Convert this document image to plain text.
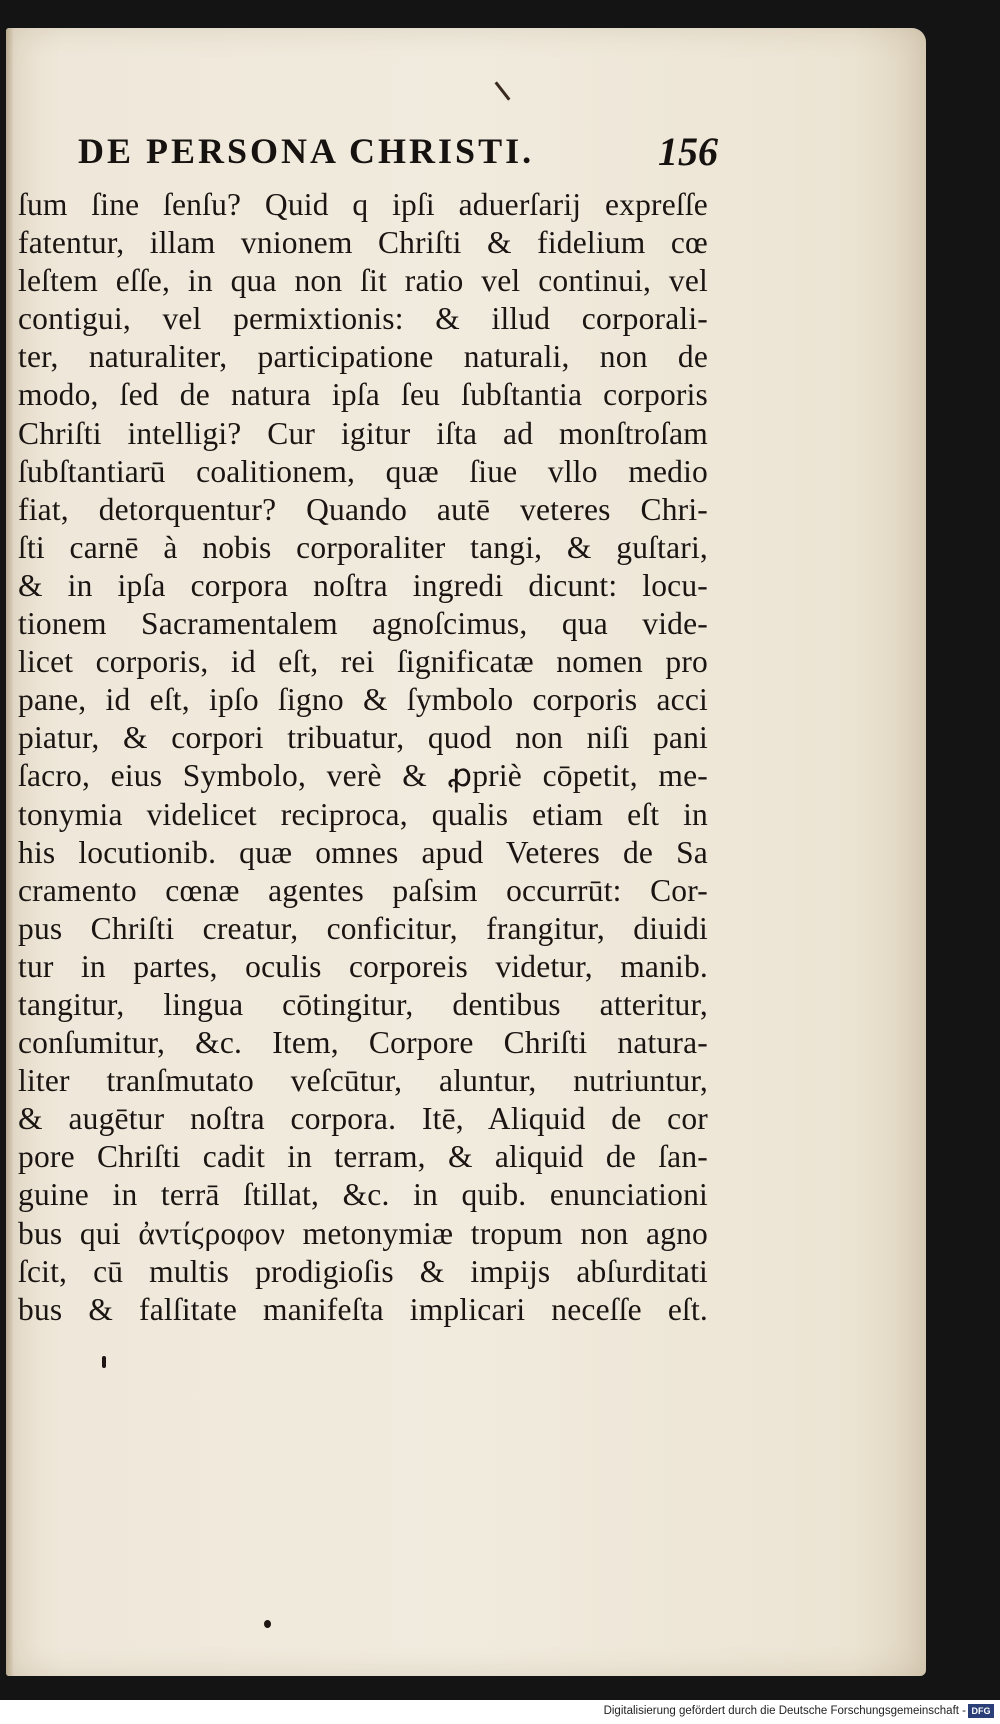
DE PERSONA CHRISTI.	156
ſum ſine ſenſu? Quid q ipſi aduerſarij expreſſe
fatentur, illam vnionem Chriſti & fidelium cœ
leſtem eſſe, in qua non ſit ratio vel continui, vel
contigui, vel permixtionis: & illud corporali-
ter, naturaliter, participatione naturali, non de
modo, ſed de natura ipſa ſeu ſubſtantia corporis
Chriſti intelligi? Cur igitur iſta ad monſtroſam
ſubſtantiarū coalitionem, quæ ſiue vllo medio
fiat, detorquentur? Quando autē veteres Chri-
ſti carnē à nobis corporaliter tangi, & guſtari,
& in ipſa corpora noſtra ingredi dicunt: locu-
tionem Sacramentalem agnoſcimus, qua vide-
licet corporis, id eſt, rei ſignificatæ nomen pro
pane, id eſt, ipſo ſigno & ſymbolo corporis acci
piatur, & corpori tribuatur, quod non niſi pani
ſacro, eius Symbolo, verè & ꝓpriè cōpetit, me-
tonymia videlicet reciproca, qualis etiam eſt in
his locutionib. quæ omnes apud Veteres de Sa
cramento cœnæ agentes paſsim occurrūt: Cor-
pus Chriſti creatur, conficitur, frangitur, diuidi
tur in partes, oculis corporeis videtur, manib.
tangitur, lingua cōtingitur, dentibus atteritur,
conſumitur, &c. Item, Corpore Chriſti natura-
liter tranſmutato veſcūtur, aluntur, nutriuntur,
& augētur noſtra corpora. Itē, Aliquid de cor
pore Chriſti cadit in terram, & aliquid de ſan-
guine in terrā ſtillat, &c. in quib. enunciationi
bus qui ἀντίϛροφον metonymiæ tropum non agno
ſcit, cū multis prodigioſis & impijs abſurditati
bus & falſitate manifeſta implicari neceſſe eſt.
Digitalisierung gefördert durch die Deutsche Forschungsgemeinschaft - DFG
